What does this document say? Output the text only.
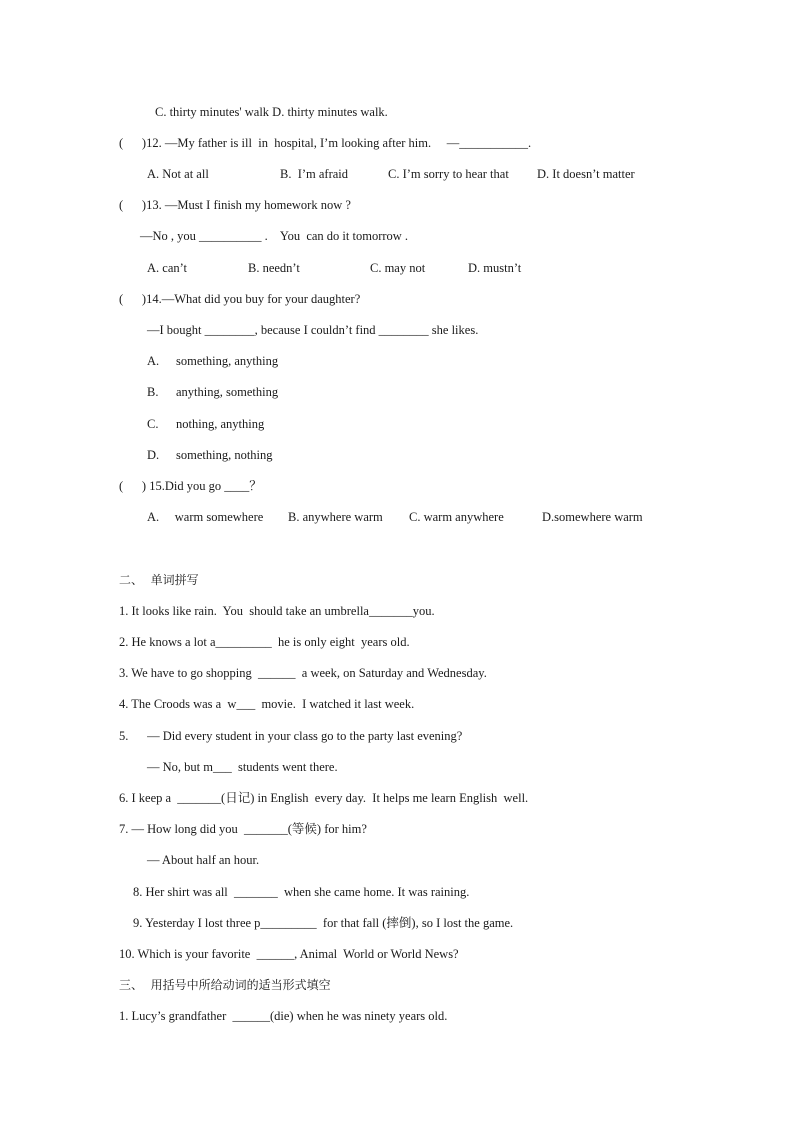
C. thirty minutes' walk D. thirty minutes walk.
(      )12. —My father is ill  in  hospital, I’m looking after him.     —___________.
A. Not at all	B.  I’m afraid	C. I’m sorry to hear that D. It doesn’t matter
(      )13. —Must I finish my homework now ?
—No , you __________ .    You  can do it tomorrow .
A. can’t	B. needn’t	C. may not	D. mustn’t
(      )14.—What did you buy for your daughter?
—I bought ________, because I couldn’t find ________ she likes.
A. something, anything
B. anything, something
C. nothing, anything
D. something, nothing
(      ) 15.Did you go ____？
A.     warm somewhere B. anywhere warm C. warm anywhere	D.somewhere warm
二、  单词拼写
1. It looks like rain.  You  should take an umbrella_______you.
2. He knows a lot a_________  he is only eight  years old.
3. We have to go shopping  ______  a week, on Saturday and Wednesday.
4. The Croods was a  w___  movie.  I watched it last week.
5.      — Did every student in your class go to the party last evening?
— No, but m___  students went there.
6. I keep a  _______(日记) in English  every day.  It helps me learn English  well.
7. — How long did you  _______(等候) for him?
— About half an hour.
8. Her shirt was all  _______  when she came home. It was raining.
9. Yesterday I lost three p_________  for that fall (摔倒), so I lost the game.
10. Which is your favorite  ______, Animal  World or World News?
三、  用括号中所给动词的适当形式填空
1. Lucy’s grandfather  ______(die) when he was ninety years old.
